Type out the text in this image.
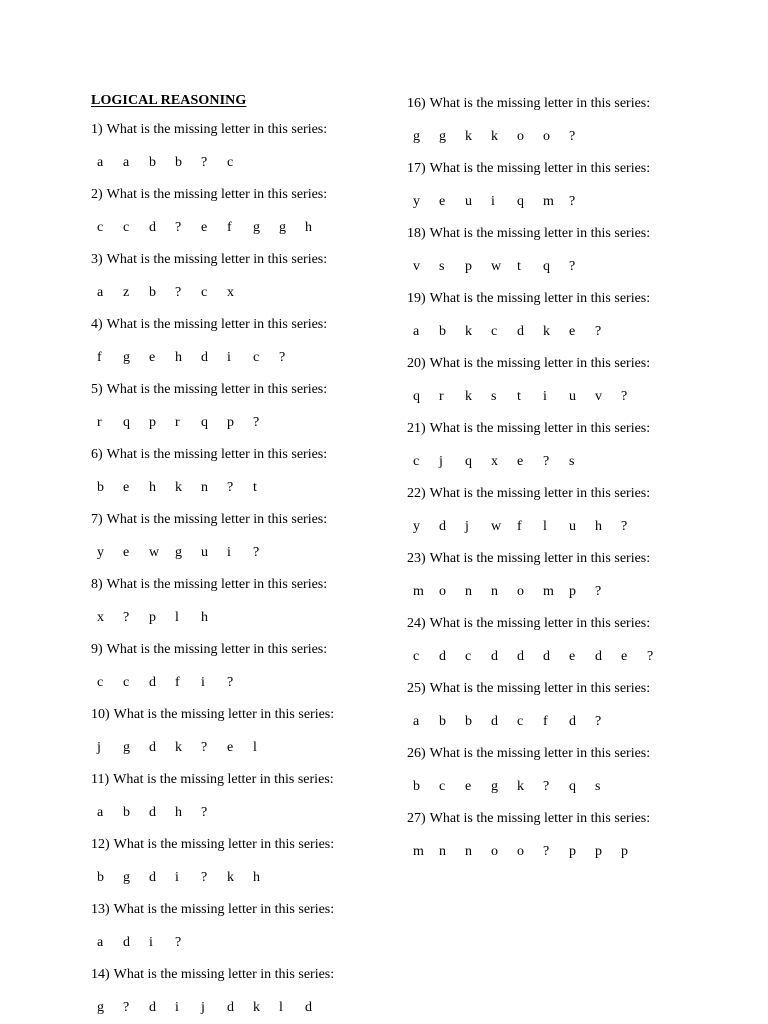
LOGICAL REASONING
1) What is the missing letter in this series:
a	a	b	b	?	c
2) What is the missing letter in this series:
c	c	d	?	e	f	g	g	h
3) What is the missing letter in this series:
a	z	b	?	c	x
4) What is the missing letter in this series:
f	g	e	h	d	i	c	?
5) What is the missing letter in this series:
r	q	p	r	q	p	?
6) What is the missing letter in this series:
b	e	h	k	n	?	t
7) What is the missing letter in this series:
y	e	w	g	u	i	?
8) What is the missing letter in this series:
x	?	p	l	h
9) What is the missing letter in this series:
c	c	d	f	i	?
10) What is the missing letter in this series:
j	g	d	k	?	e	l
11) What is the missing letter in this series:
a	b	d	h	?
12) What is the missing letter in this series:
b	g	d	i	?	k	h
13) What is the missing letter in this series:
a	d	i	?
14) What is the missing letter in this series:
g	?	d	i	j	d	k	l	d
16) What is the missing letter in this series:
g	g	k	k	o	o	?
17) What is the missing letter in this series:
y	e	u	i	q	m	?
18) What is the missing letter in this series:
v	s	p	w	t	q	?
19) What is the missing letter in this series:
a	b	k	c	d	k	e	?
20) What is the missing letter in this series:
q	r	k	s	t	i	u	v	?
21) What is the missing letter in this series:
c	j	q	x	e	?	s
22) What is the missing letter in this series:
y	d	j	w	f	l	u	h	?
23) What is the missing letter in this series:
m	o	n	n	o	m	p	?
24) What is the missing letter in this series:
c	d	c	d	d	d	e	d	e	?
25) What is the missing letter in this series:
a	b	b	d	c	f	d	?
26) What is the missing letter in this series:
b	c	e	g	k	?	q	s
27) What is the missing letter in this series:
m	n	n	o	o	?	p	p	p
